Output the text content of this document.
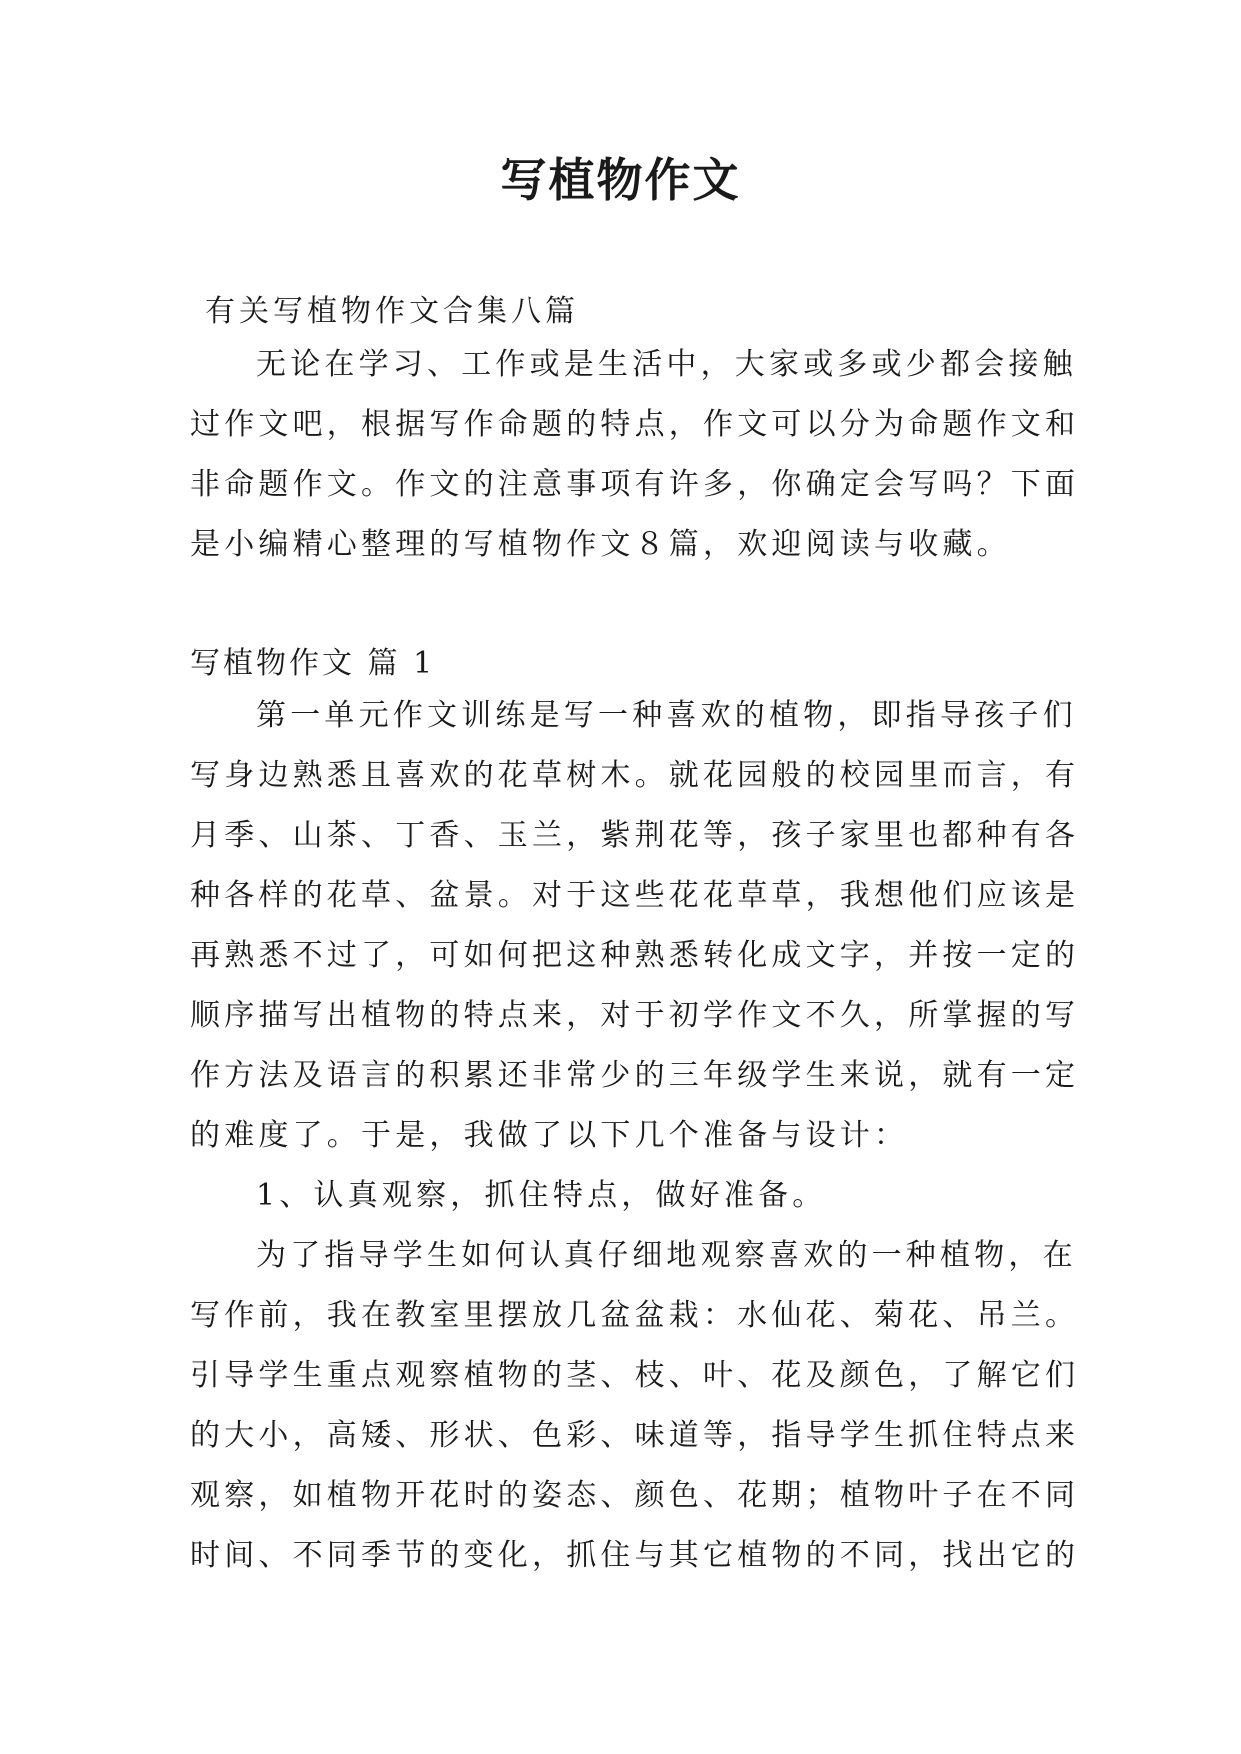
写植物作文

有关写植物作文合集八篇

无论在学习、工作或是生活中，大家或多或少都会接触
过作文吧，根据写作命题的特点，作文可以分为命题作文和
非命题作文。作文的注意事项有许多，你确定会写吗？下面
是小编精心整理的写植物作文８篇，欢迎阅读与收藏。

写植物作文 篇 1

第一单元作文训练是写一种喜欢的植物，即指导孩子们
写身边熟悉且喜欢的花草树木。就花园般的校园里而言，有
月季、山茶、丁香、玉兰，紫荆花等，孩子家里也都种有各
种各样的花草、盆景。对于这些花花草草，我想他们应该是
再熟悉不过了，可如何把这种熟悉转化成文字，并按一定的
顺序描写出植物的特点来，对于初学作文不久，所掌握的写
作方法及语言的积累还非常少的三年级学生来说，就有一定
的难度了。于是，我做了以下几个准备与设计：
1、认真观察，抓住特点，做好准备。
为了指导学生如何认真仔细地观察喜欢的一种植物，在
写作前，我在教室里摆放几盆盆栽：水仙花、菊花、吊兰。
引导学生重点观察植物的茎、枝、叶、花及颜色，了解它们
的大小，高矮、形状、色彩、味道等，指导学生抓住特点来
观察，如植物开花时的姿态、颜色、花期；植物叶子在不同
时间、不同季节的变化，抓住与其它植物的不同，找出它的
